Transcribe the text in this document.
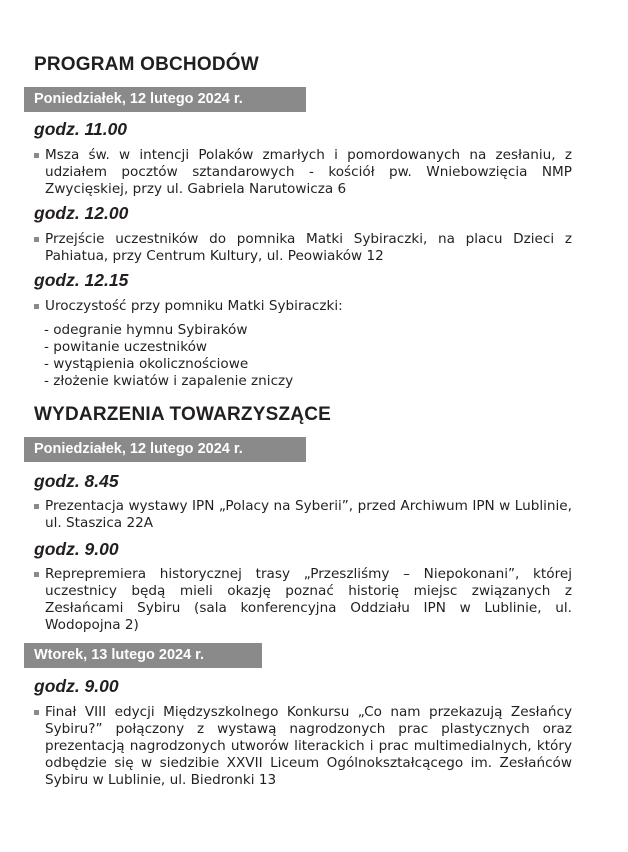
PROGRAM OBCHODÓW
Poniedziałek, 12 lutego 2024 r.
godz. 11.00
Msza św. w intencji Polaków zmarłych i pomordowanych na zesłaniu, z udziałem pocztów sztandarowych - kościół pw. Wniebowzięcia NMP Zwycięskiej, przy ul. Gabriela Narutowicza 6
godz. 12.00
Przejście uczestników do pomnika Matki Sybiraczki, na placu Dzieci z Pahiatua, przy Centrum Kultury, ul. Peowiaków 12
godz. 12.15
Uroczystość przy pomniku Matki Sybiraczki:
- odegranie hymnu Sybiraków
- powitanie uczestników
- wystąpienia okolicznościowe
- złożenie kwiatów i zapalenie zniczy
WYDARZENIA TOWARZYSZĄCE
Poniedziałek, 12 lutego 2024 r.
godz. 8.45
Prezentacja wystawy IPN „Polacy na Syberii”, przed Archiwum IPN w Lublinie, ul. Staszica 22A
godz. 9.00
Reprepremiera historycznej trasy „Przeszliśmy – Niepokonani”, której uczestnicy będą mieli okazję poznać historię miejsc związanych z Zesłańcami Sybiru (sala konferencyjna Oddziału IPN w Lublinie, ul. Wodopojna 2)
Wtorek, 13 lutego 2024 r.
godz. 9.00
Finał VIII edycji Międzyszkolnego Konkursu „Co nam przekazują Zesłańcy Sybiru?” połączony z wystawą nagrodzonych prac plastycznych oraz prezentacją nagrodzonych utworów literackich i prac multimedialnych, który odbędzie się w siedzibie XXVII Liceum Ogólnokształcącego im. Zesłańców Sybiru w Lublinie, ul. Biedronki 13
